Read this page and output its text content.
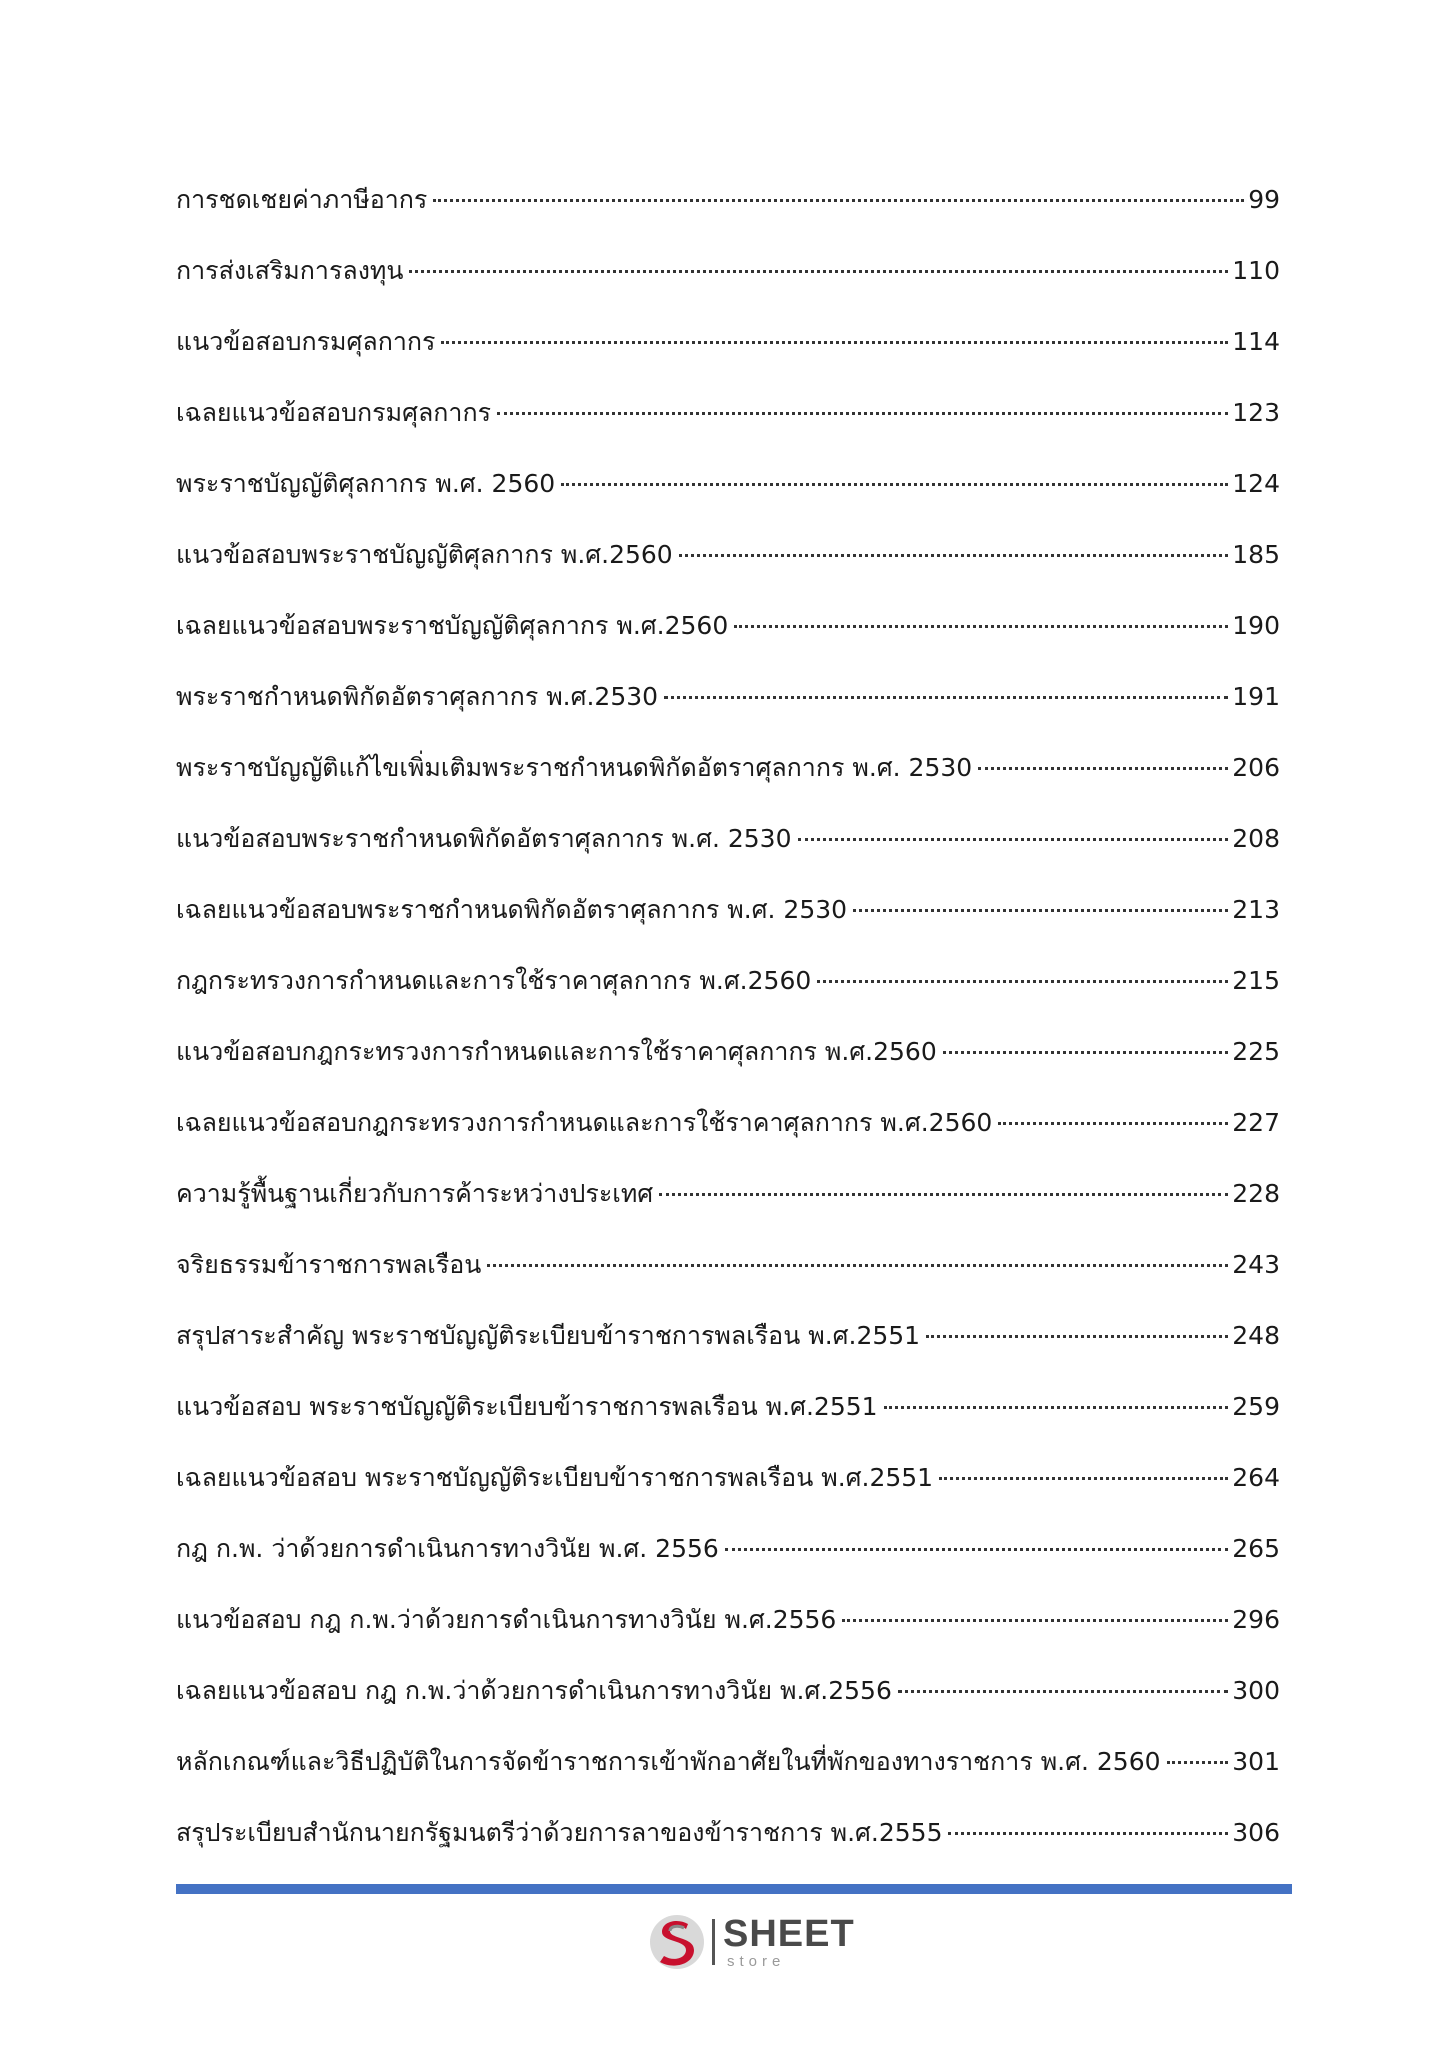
การชดเชยค่าภาษีอากร	99
การส่งเสริมการลงทุน	110
แนวข้อสอบกรมศุลกากร	114
เฉลยแนวข้อสอบกรมศุลกากร	123
พระราชบัญญัติศุลกากร พ.ศ. 2560	124
แนวข้อสอบพระราชบัญญัติศุลกากร พ.ศ.2560	185
เฉลยแนวข้อสอบพระราชบัญญัติศุลกากร พ.ศ.2560	190
พระราชกำหนดพิกัดอัตราศุลกากร พ.ศ.2530	191
พระราชบัญญัติแก้ไขเพิ่มเติมพระราชกำหนดพิกัดอัตราศุลกากร พ.ศ. 2530	206
แนวข้อสอบพระราชกำหนดพิกัดอัตราศุลกากร พ.ศ. 2530	208
เฉลยแนวข้อสอบพระราชกำหนดพิกัดอัตราศุลกากร พ.ศ. 2530	213
กฎกระทรวงการกำหนดและการใช้ราคาศุลกากร พ.ศ.2560	215
แนวข้อสอบกฎกระทรวงการกำหนดและการใช้ราคาศุลกากร พ.ศ.2560	225
เฉลยแนวข้อสอบกฎกระทรวงการกำหนดและการใช้ราคาศุลกากร พ.ศ.2560	227
ความรู้พื้นฐานเกี่ยวกับการค้าระหว่างประเทศ	228
จริยธรรมข้าราชการพลเรือน	243
สรุปสาระสำคัญ พระราชบัญญัติระเบียบข้าราชการพลเรือน พ.ศ.2551	248
แนวข้อสอบ พระราชบัญญัติระเบียบข้าราชการพลเรือน พ.ศ.2551	259
เฉลยแนวข้อสอบ พระราชบัญญัติระเบียบข้าราชการพลเรือน พ.ศ.2551	264
กฎ ก.พ. ว่าด้วยการดำเนินการทางวินัย พ.ศ. 2556	265
แนวข้อสอบ กฎ ก.พ.ว่าด้วยการดำเนินการทางวินัย พ.ศ.2556	296
เฉลยแนวข้อสอบ กฎ ก.พ.ว่าด้วยการดำเนินการทางวินัย พ.ศ.2556	300
หลักเกณฑ์และวิธีปฏิบัติในการจัดข้าราชการเข้าพักอาศัยในที่พักของทางราชการ พ.ศ. 2560	301
สรุประเบียบสำนักนายกรัฐมนตรีว่าด้วยการลาของข้าราชการ พ.ศ.2555	306
SHEET
store
